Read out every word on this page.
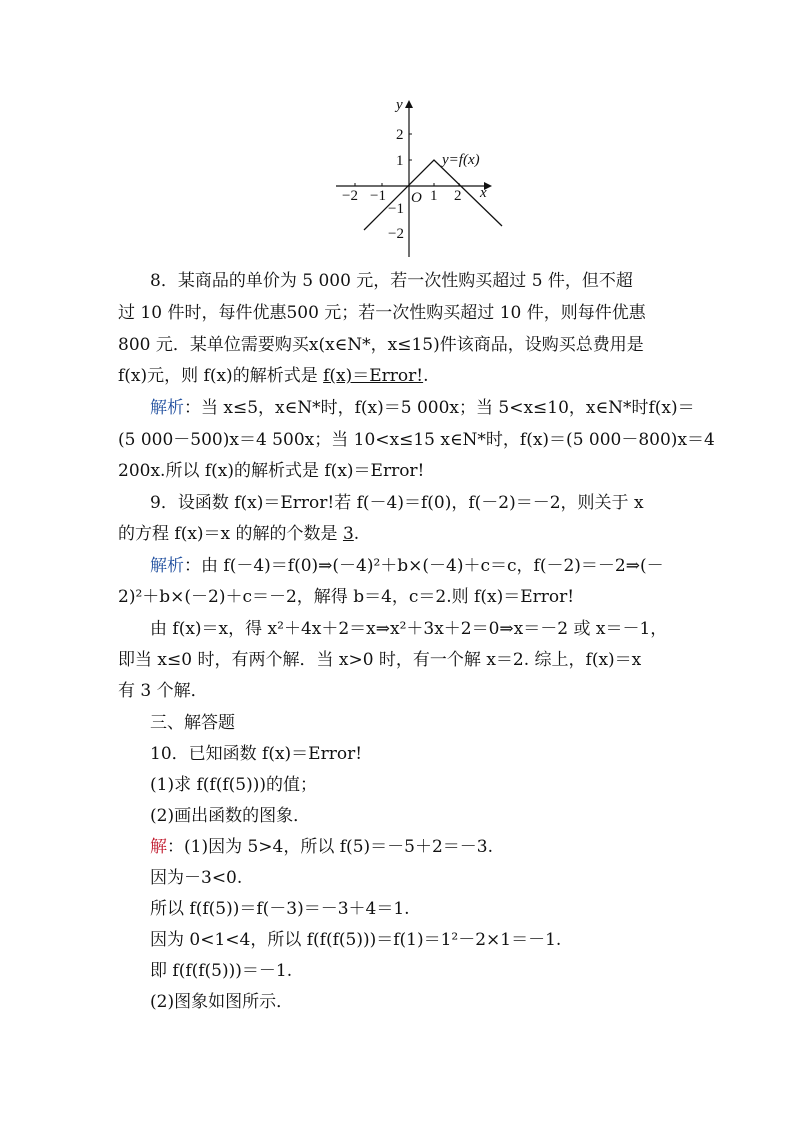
y
x
y=f(x)
O
−2 −1	1 2
2
1
−1
−2
8．某商品的单价为 5 000 元，若一次性购买超过 5 件，但不超
过 10 件时，每件优惠500 元；若一次性购买超过 10 件，则每件优惠
800 元．某单位需要购买x(x∈N*，x≤15)件该商品，设购买总费用是
f(x)元，则 f(x)的解析式是 f(x)＝Error!.
解析：当 x≤5，x∈N*时，f(x)＝5 000x；当 5<x≤10，x∈N*时f(x)＝
(5 000－500)x＝4 500x；当 10<x≤15 x∈N*时，f(x)＝(5 000－800)x＝4
200x.所以 f(x)的解析式是 f(x)＝Error!
9．设函数 f(x)＝Error!若 f(－4)＝f(0)，f(－2)＝－2，则关于 x
的方程 f(x)＝x 的解的个数是 3.
解析：由 f(－4)＝f(0)⇒(－4)²＋b×(－4)＋c＝c，f(－2)＝－2⇒(－
2)²＋b×(－2)＋c＝－2，解得 b＝4，c＝2.则 f(x)＝Error!
由 f(x)＝x，得 x²＋4x＋2＝x⇒x²＋3x＋2＝0⇒x＝－2 或 x＝－1，
即当 x≤0 时，有两个解．当 x>0 时，有一个解 x＝2. 综上，f(x)＝x
有 3 个解．
三、解答题
10．已知函数 f(x)＝Error!
(1)求 f(f(f(5)))的值；
(2)画出函数的图象．
解：(1)因为 5>4，所以 f(5)＝－5＋2＝－3.
因为－3<0.
所以 f(f(5))＝f(－3)＝－3＋4＝1.
因为 0<1<4，所以 f(f(f(5)))＝f(1)＝1²－2×1＝－1.
即 f(f(f(5)))＝－1.
(2)图象如图所示．
